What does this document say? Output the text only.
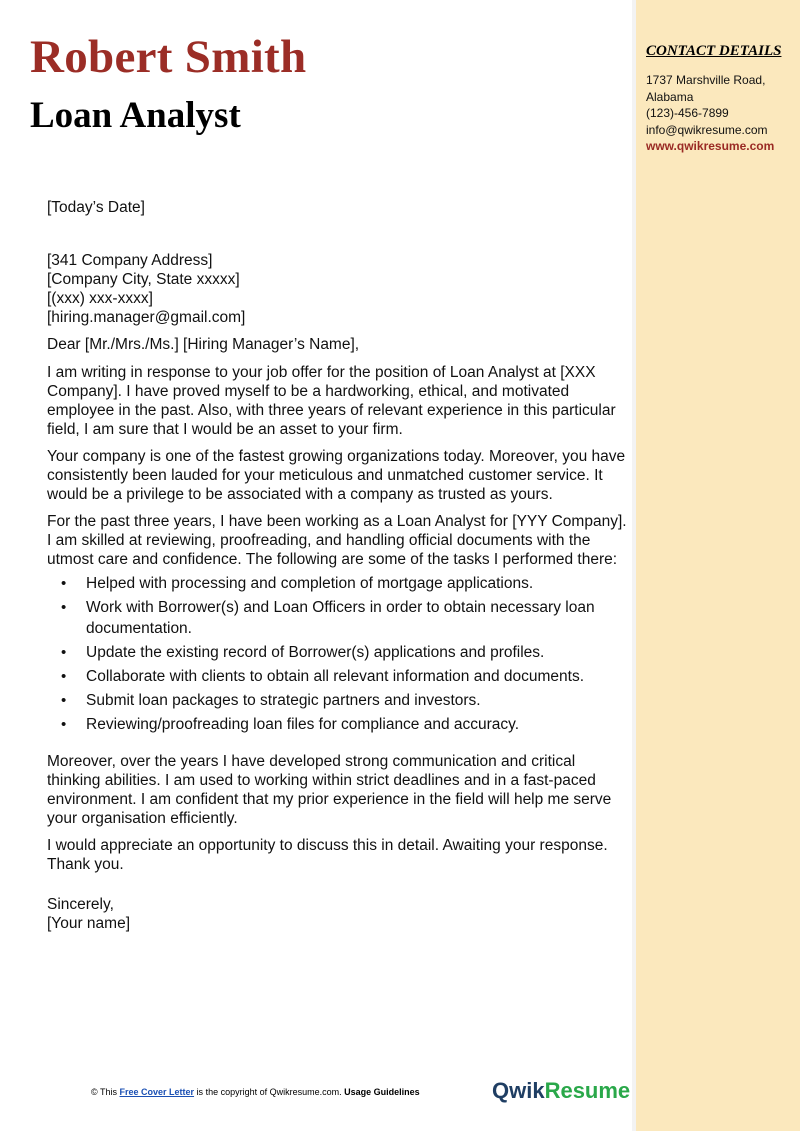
CONTACT DETAILS
1737 Marshville Road,
Alabama
(123)-456-7899
info@qwikresume.com
www.qwikresume.com
Robert Smith
Loan Analyst

[Today’s Date]

[341 Company Address]
[Company City, State xxxxx]
[(xxx) xxx-xxxx]
[hiring.manager@gmail.com]

Dear [Mr./Mrs./Ms.] [Hiring Manager’s Name],

I am writing in response to your job offer for the position of Loan Analyst at [XXX Company]. I have proved myself to be a hardworking, ethical, and motivated employee in the past. Also, with three years of relevant experience in this particular field, I am sure that I would be an asset to your firm.

Your company is one of the fastest growing organizations today. Moreover, you have consistently been lauded for your meticulous and unmatched customer service. It would be a privilege to be associated with a company as trusted as yours.

For the past three years, I have been working as a Loan Analyst for [YYY Company]. I am skilled at reviewing, proofreading, and handling official documents with the utmost care and confidence. The following are some of the tasks I performed there:

• Helped with processing and completion of mortgage applications.
• Work with Borrower(s) and Loan Officers in order to obtain necessary loan documentation.
• Update the existing record of Borrower(s) applications and profiles.
• Collaborate with clients to obtain all relevant information and documents.
• Submit loan packages to strategic partners and investors.
• Reviewing/proofreading loan files for compliance and accuracy.

Moreover, over the years I have developed strong communication and critical thinking abilities. I am used to working within strict deadlines and in a fast-paced environment. I am confident that my prior experience in the field will help me serve your organisation efficiently.

I would appreciate an opportunity to discuss this in detail. Awaiting your response. Thank you.

Sincerely,
[Your name]
© This Free Cover Letter is the copyright of Qwikresume.com. Usage Guidelines	QwikResume
